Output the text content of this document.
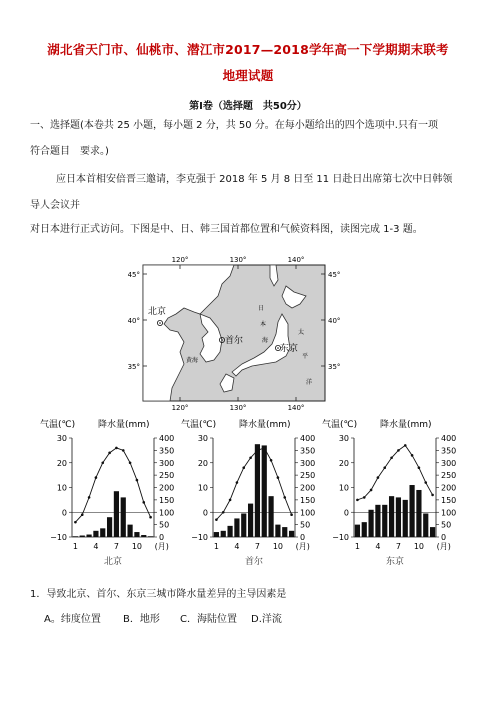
湖北省天门市、仙桃市、潜江市2017—2018学年高一下学期期末联考
地理试题
第Ⅰ卷（选择题　共50分）
一、选择题(本卷共 25 小题，每小题 2 分，共 50 分。在每小题给出的四个选项中.只有一项
符合题目　要求。)
应日本首相安倍晋三邀请，李克强于 2018 年 5 月 8 日至 11 日赴日出席第七次中日韩领
导人会议并
对日本进行正式访问。下图是中、日、韩三国首都位置和气候资料图，读图完成 1-3 题。
120°	130°	140°
120°	130°	140°
45°
40°
35°
45°
40°
35°
北京
首尔
东京
日
本
海
太
平
洋
黄海
气温(℃)	降水量(mm)
30
20
10
0
−10
400
350
300
250
200
150
100
50
0
1 4 7 10 (月)
北京
气温(℃)	降水量(mm)
30
20
10
0
−10
400
350
300
250
200
150
100
50
0
1 4 7 10 (月)
首尔
气温(℃)	降水量(mm)
30
20
10
0
−10
400
350
300
250
200
150
100
50
0
1 4 7 10 (月)
东京
1．导致北京、首尔、东京三城市降水量差异的主导因素是
A。纬度位置 B．地形 C．海陆位置 D.洋流
